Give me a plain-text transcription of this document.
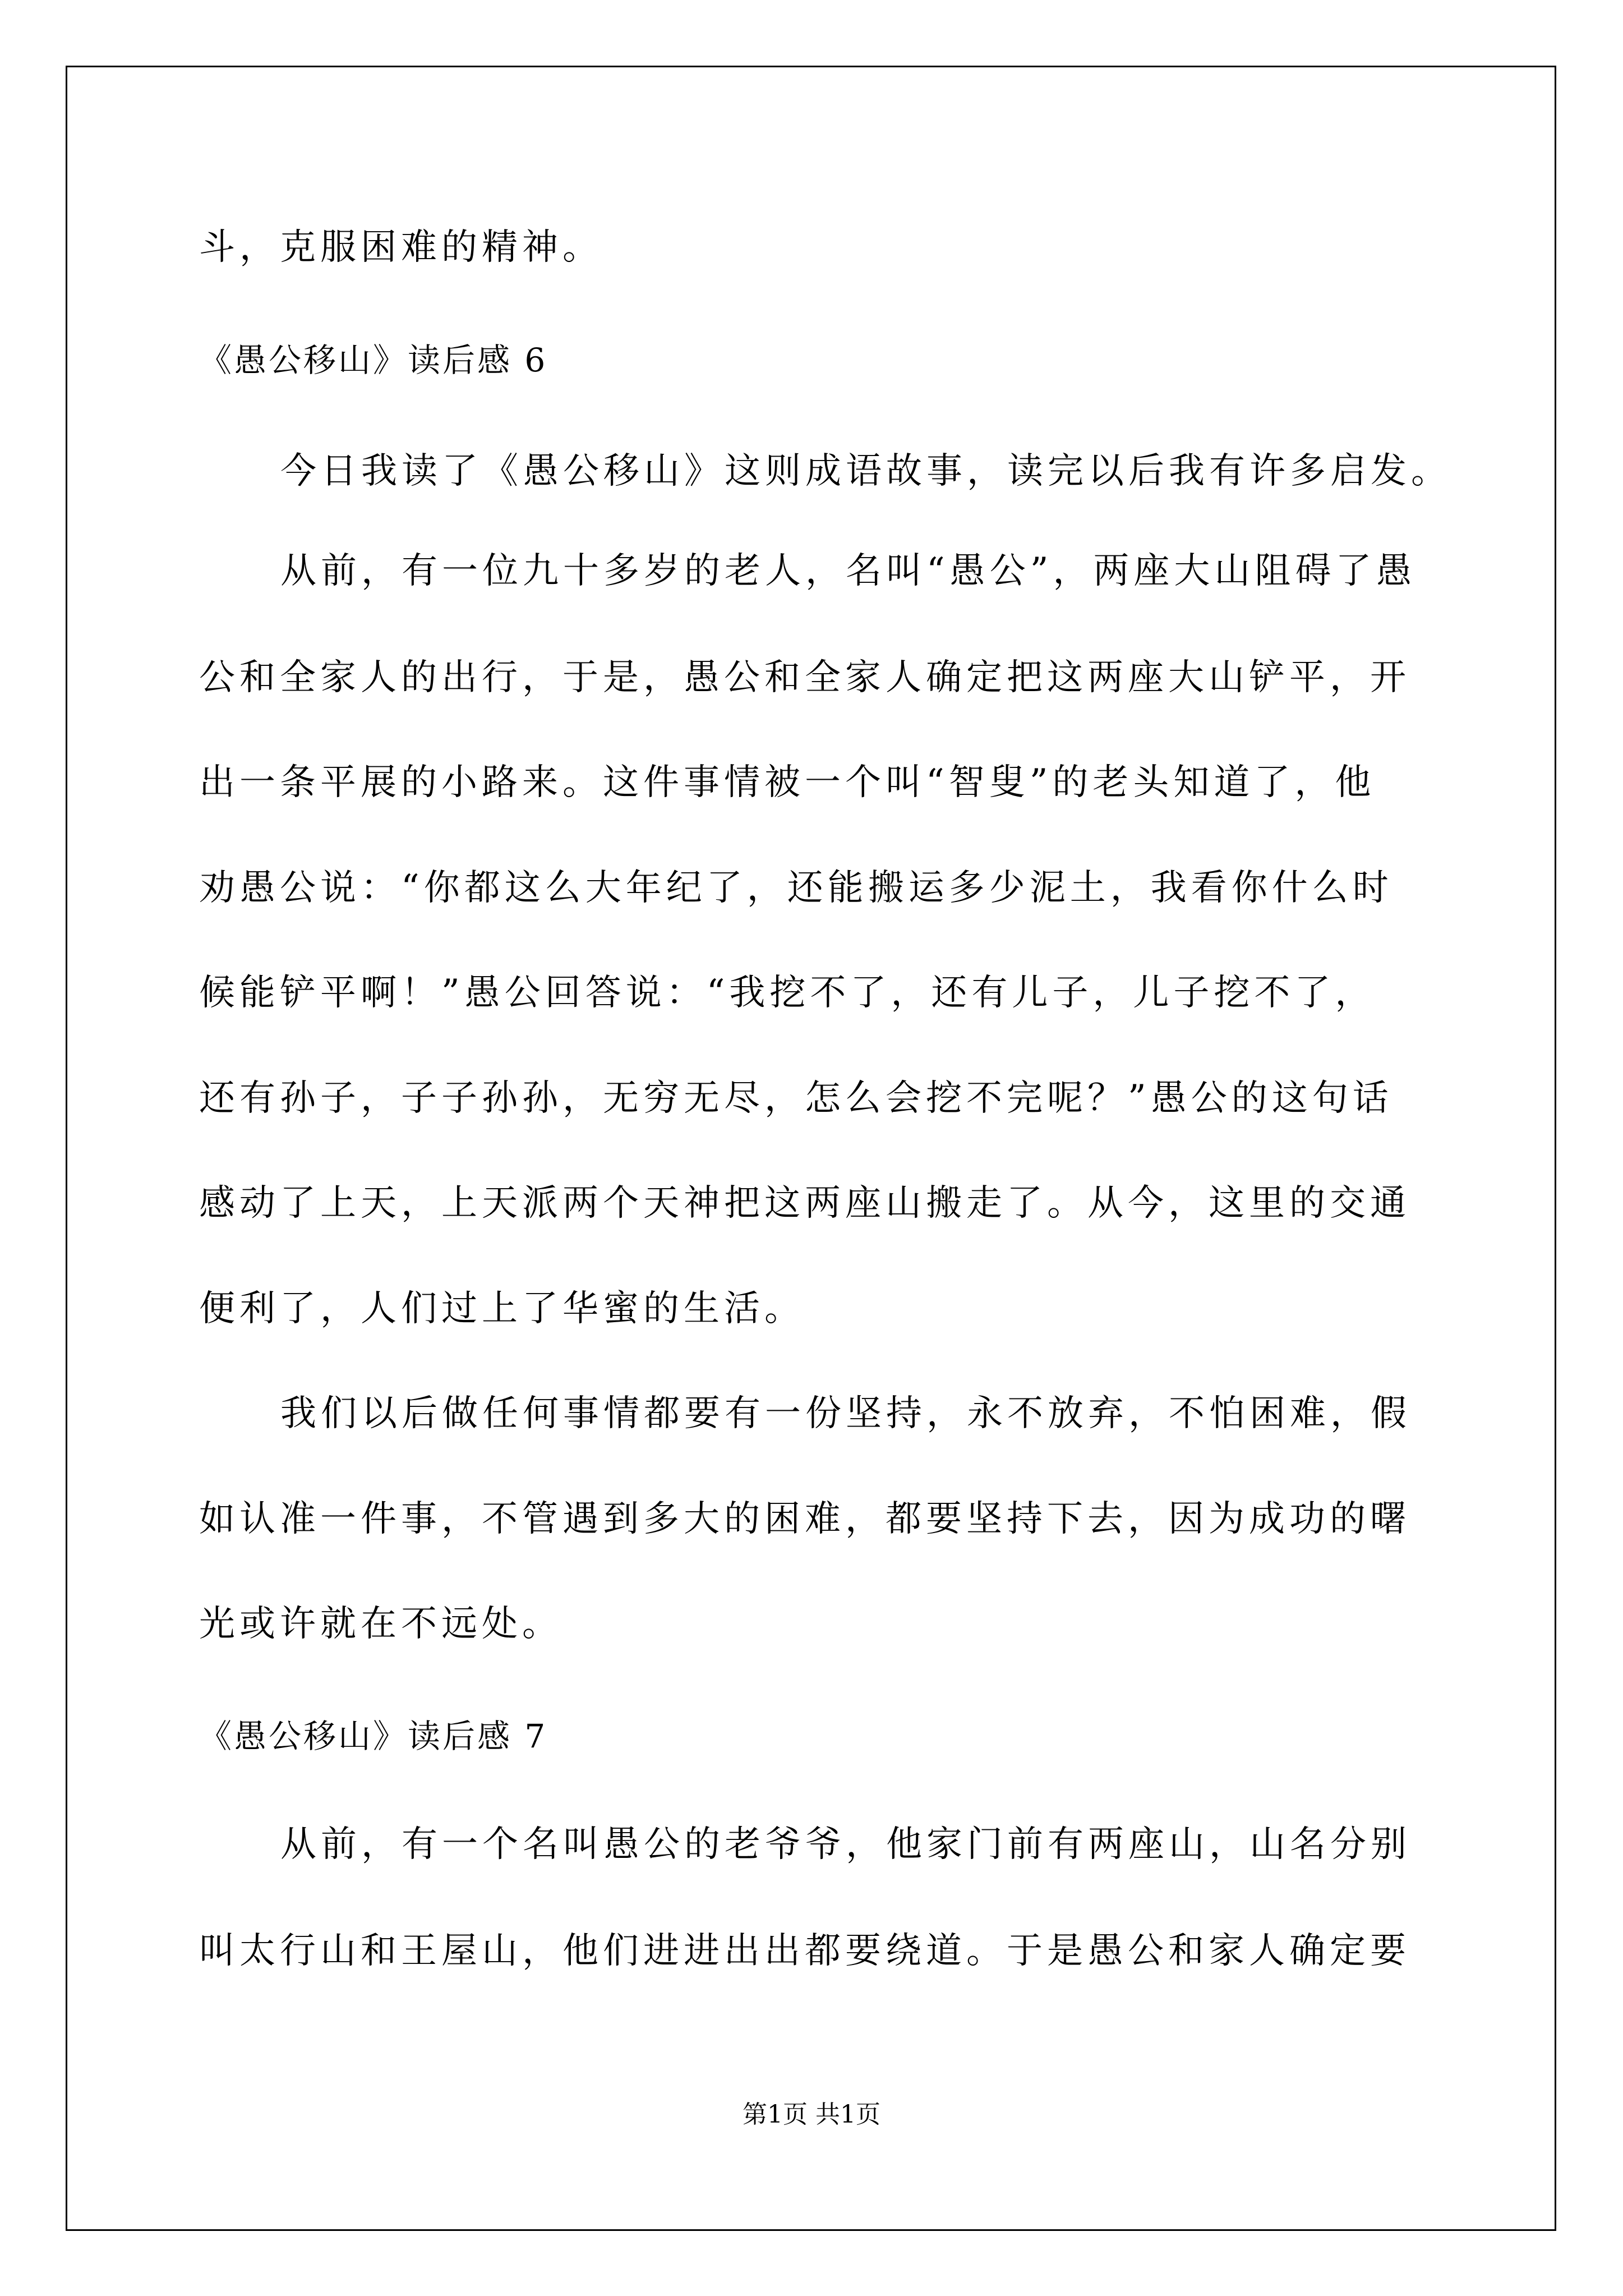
斗，克服困难的精神。
《愚公移山》读后感 6
今日我读了《愚公移山》这则成语故事，读完以后我有许多启发。
从前，有一位九十多岁的老人，名叫“愚公”，两座大山阻碍了愚
公和全家人的出行，于是，愚公和全家人确定把这两座大山铲平，开
出一条平展的小路来。这件事情被一个叫“智叟”的老头知道了，他
劝愚公说：“你都这么大年纪了，还能搬运多少泥土，我看你什么时
候能铲平啊！”愚公回答说：“我挖不了，还有儿子，儿子挖不了，
还有孙子，子子孙孙，无穷无尽，怎么会挖不完呢？”愚公的这句话
感动了上天，上天派两个天神把这两座山搬走了。从今，这里的交通
便利了，人们过上了华蜜的生活。
我们以后做任何事情都要有一份坚持，永不放弃，不怕困难，假
如认准一件事，不管遇到多大的困难，都要坚持下去，因为成功的曙
光或许就在不远处。
《愚公移山》读后感 7
从前，有一个名叫愚公的老爷爷，他家门前有两座山，山名分别
叫太行山和王屋山，他们进进出出都要绕道。于是愚公和家人确定要
第1页 共1页
